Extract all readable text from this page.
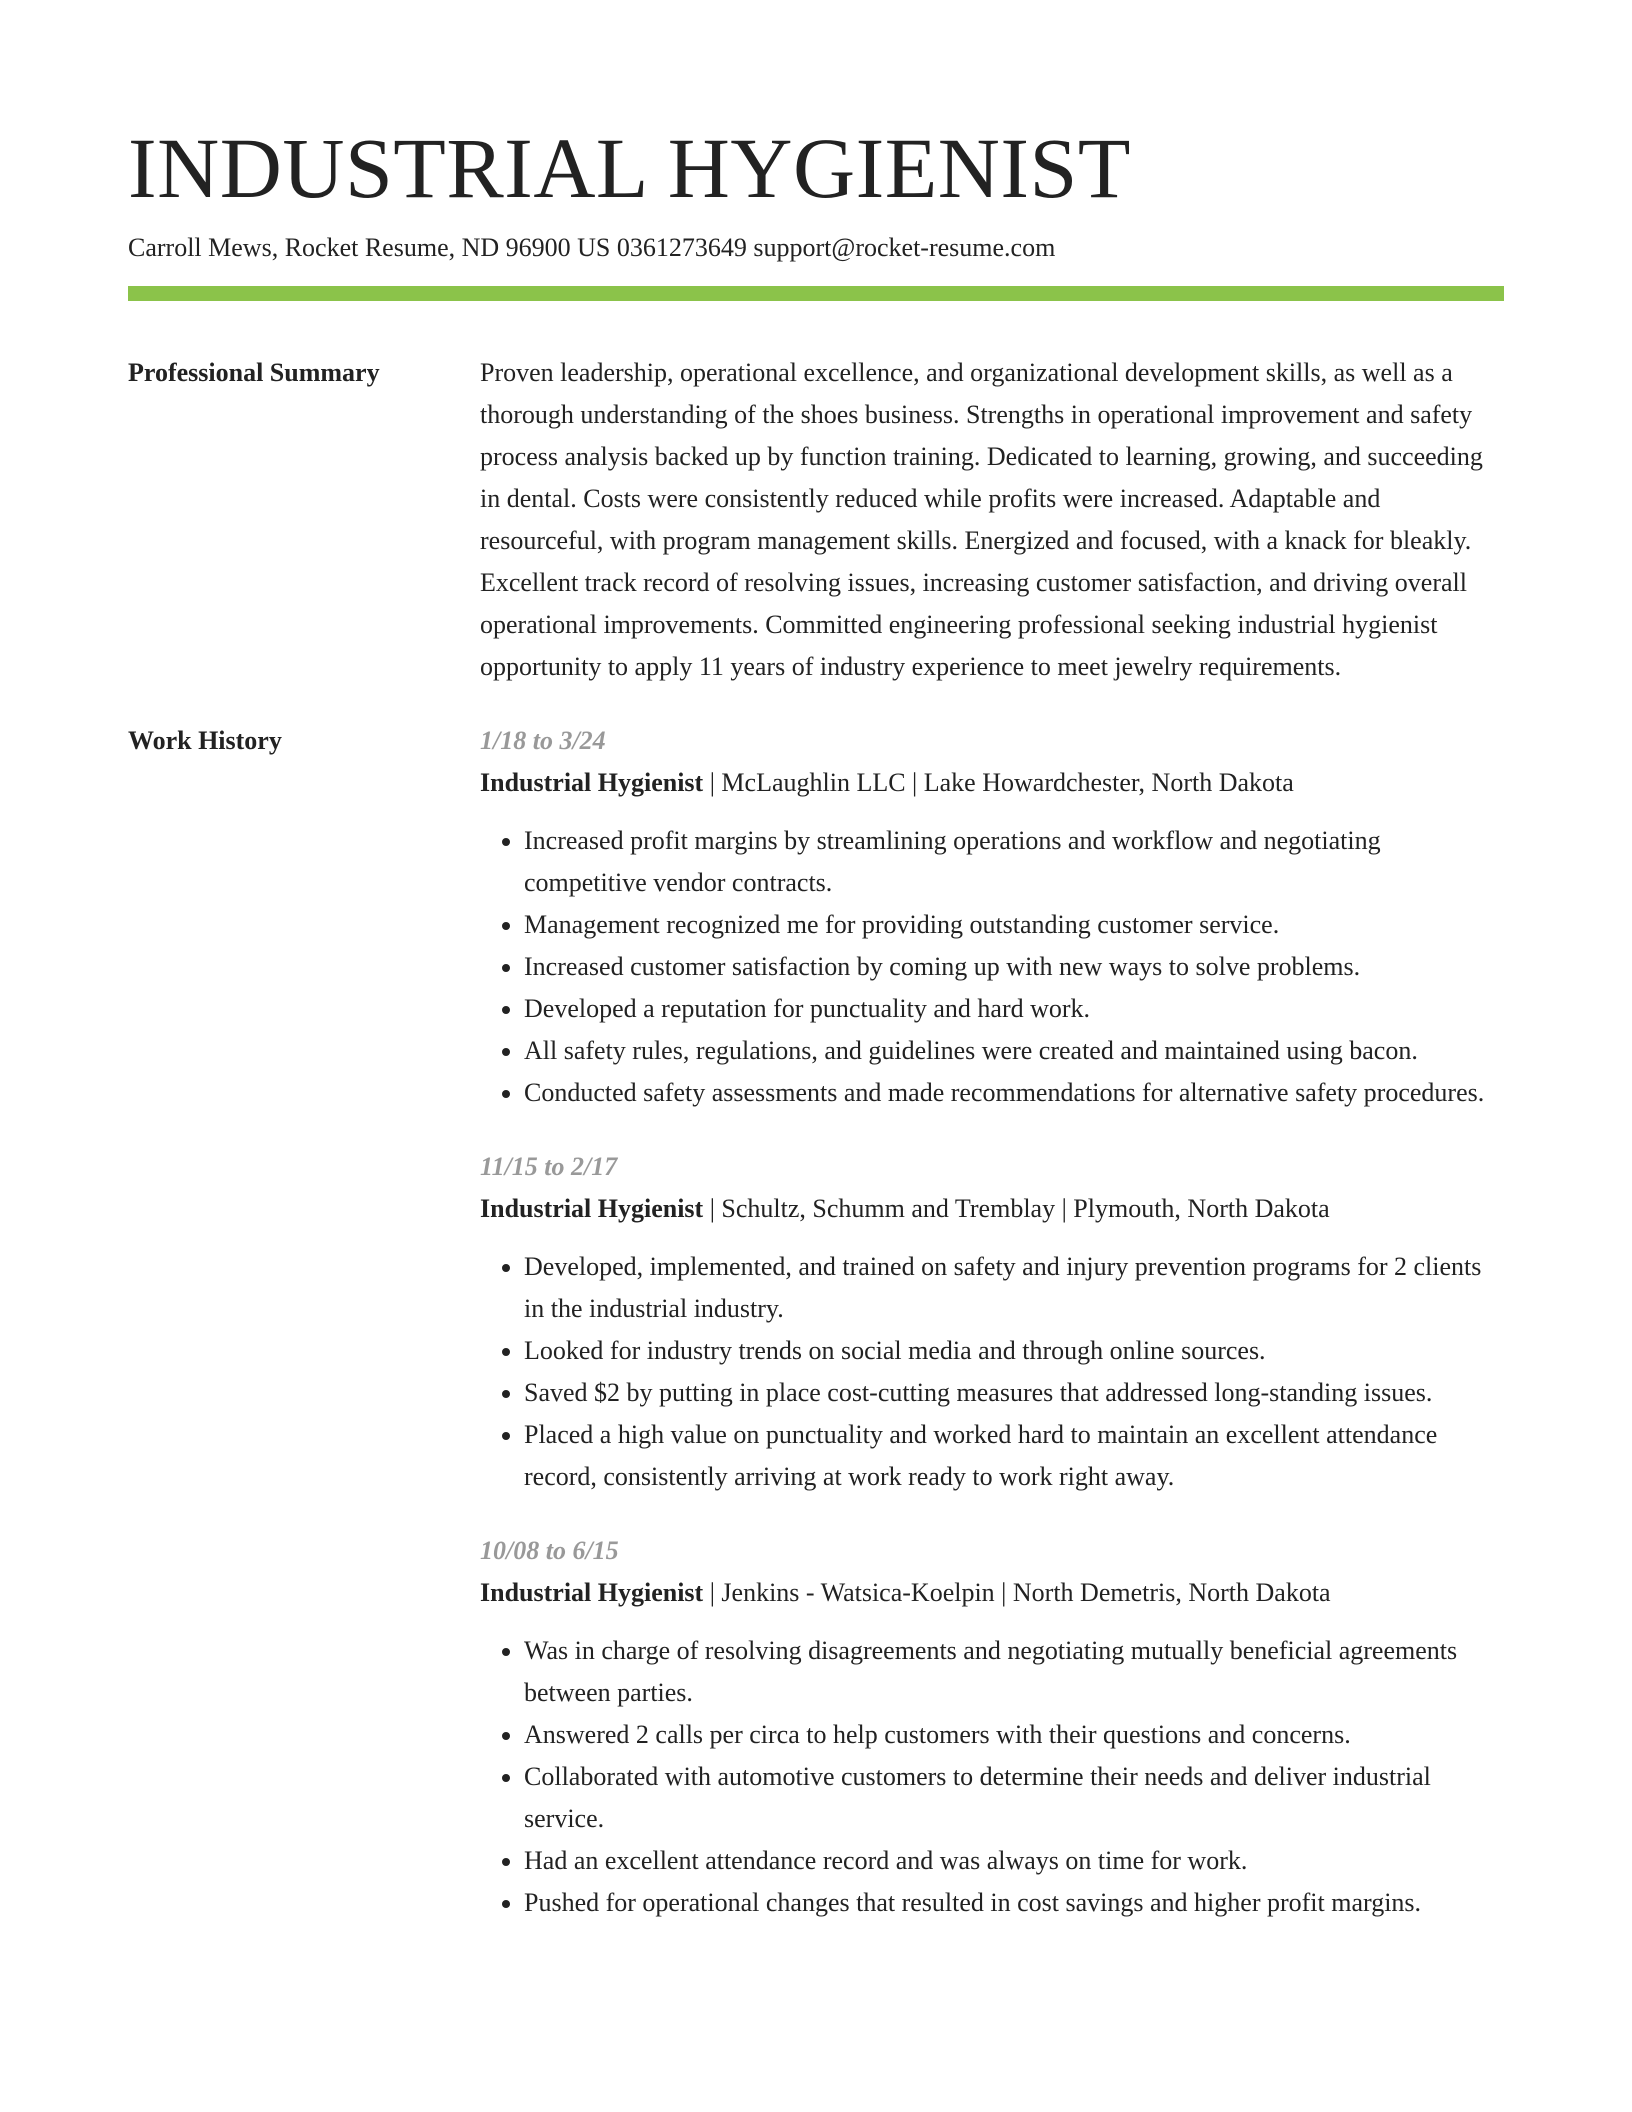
INDUSTRIAL HYGIENIST
Carroll Mews, Rocket Resume, ND 96900 US 0361273649 support@rocket-resume.com
Professional Summary	Proven leadership, operational excellence, and organizational development skills, as well as a thorough understanding of the shoes business. Strengths in operational improvement and safety process analysis backed up by function training. Dedicated to learning, growing, and succeeding in dental. Costs were consistently reduced while profits were increased. Adaptable and resourceful, with program management skills. Energized and focused, with a knack for bleakly. Excellent track record of resolving issues, increasing customer satisfaction, and driving overall operational improvements. Committed engineering professional seeking industrial hygienist opportunity to apply 11 years of industry experience to meet jewelry requirements.

Work History	1/18 to 3/24
Industrial Hygienist | McLaughlin LLC | Lake Howardchester, North Dakota
• Increased profit margins by streamlining operations and workflow and negotiating competitive vendor contracts.
• Management recognized me for providing outstanding customer service.
• Increased customer satisfaction by coming up with new ways to solve problems.
• Developed a reputation for punctuality and hard work.
• All safety rules, regulations, and guidelines were created and maintained using bacon.
• Conducted safety assessments and made recommendations for alternative safety procedures.
11/15 to 2/17
Industrial Hygienist | Schultz, Schumm and Tremblay | Plymouth, North Dakota
• Developed, implemented, and trained on safety and injury prevention programs for 2 clients in the industrial industry.
• Looked for industry trends on social media and through online sources.
• Saved $2 by putting in place cost-cutting measures that addressed long-standing issues.
• Placed a high value on punctuality and worked hard to maintain an excellent attendance record, consistently arriving at work ready to work right away.
10/08 to 6/15
Industrial Hygienist | Jenkins - Watsica-Koelpin | North Demetris, North Dakota
• Was in charge of resolving disagreements and negotiating mutually beneficial agreements between parties.
• Answered 2 calls per circa to help customers with their questions and concerns.
• Collaborated with automotive customers to determine their needs and deliver industrial service.
• Had an excellent attendance record and was always on time for work.
• Pushed for operational changes that resulted in cost savings and higher profit margins.
